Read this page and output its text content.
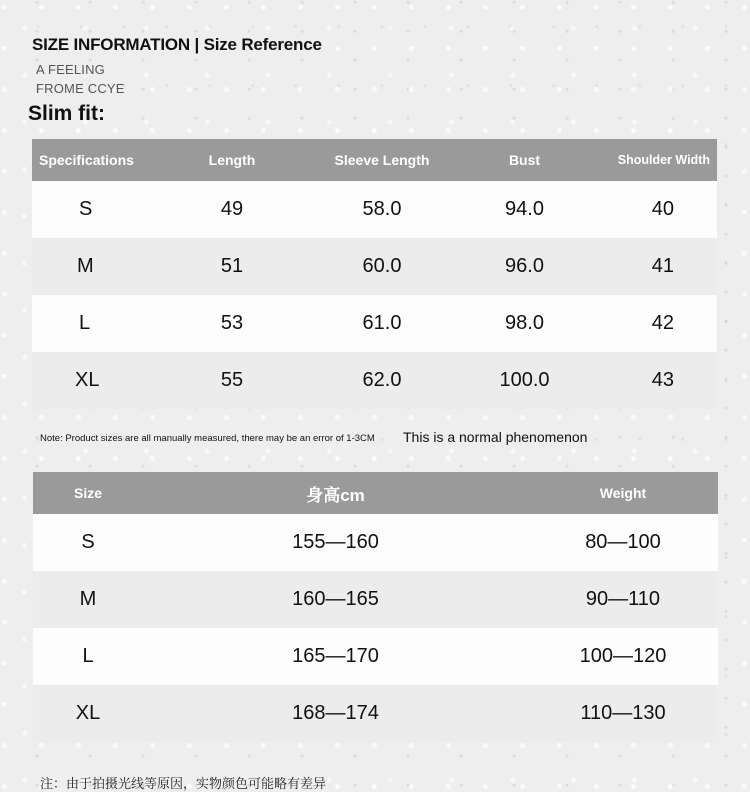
SIZE INFORMATION | Size Reference
A FEELING
FROME CCYE
Slim fit:
Specifications	Length	Sleeve Length	Bust	Shoulder Width
S	49	58.0	94.0	40
M	51	60.0	96.0	41
L	53	61.0	98.0	42
XL	55	62.0	100.0	43
Note: Product sizes are all manually measured, there may be an error of 1-3CM This is a normal phenomenon
Size	身高cm	Weight
S	155—160	80—100
M	160—165	90—110
L	165—170	100—120
XL	168—174	110—130
注：由于拍摄光线等原因，实物颜色可能略有差异
